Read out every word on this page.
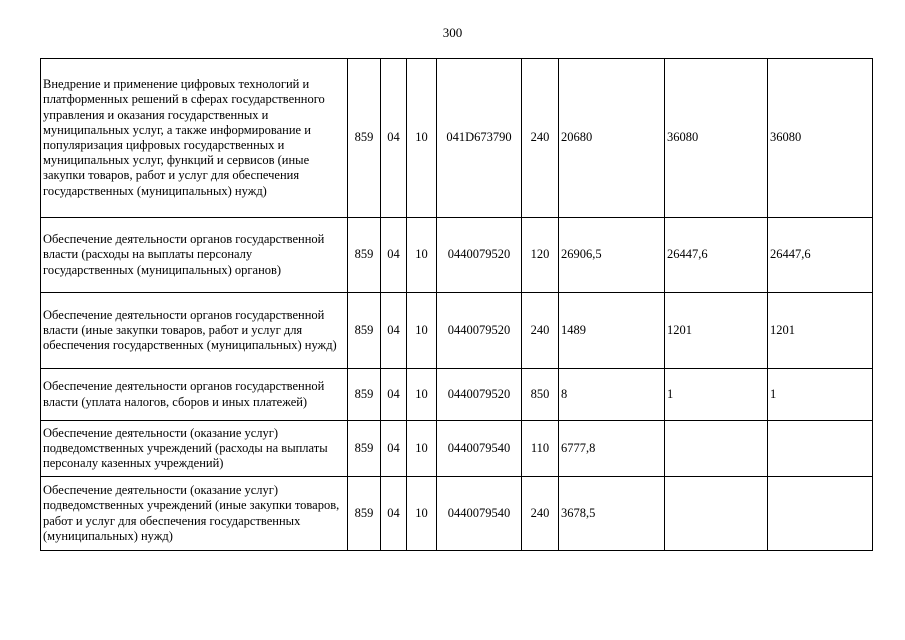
300
Внедрение и применение цифровых технологий и платформенных решений в сферах государственного управления и оказания государственных и муниципальных услуг, а также информирование и популяризация цифровых государственных и муниципальных услуг, функций и сервисов (иные закупки товаров, работ и услуг для обеспечения государственных (муниципальных) нужд)	859	04	10	041D673790	240	20680	36080	36080
Обеспечение деятельности органов государственной власти (расходы на выплаты персоналу государственных (муниципальных) органов)	859	04	10	0440079520	120	26906,5	26447,6	26447,6
Обеспечение деятельности органов государственной власти (иные закупки товаров, работ и услуг для обеспечения государственных (муниципальных) нужд)	859	04	10	0440079520	240	1489	1201	1201
Обеспечение деятельности органов государственной власти (уплата налогов, сборов и иных платежей)	859	04	10	0440079520	850	8	1	1
Обеспечение деятельности (оказание услуг) подведомственных учреждений (расходы на выплаты персоналу казенных учреждений)	859	04	10	0440079540	110	6777,8		
Обеспечение деятельности (оказание услуг) подведомственных учреждений (иные закупки товаров, работ и услуг для обеспечения государственных (муниципальных) нужд)	859	04	10	0440079540	240	3678,5		
